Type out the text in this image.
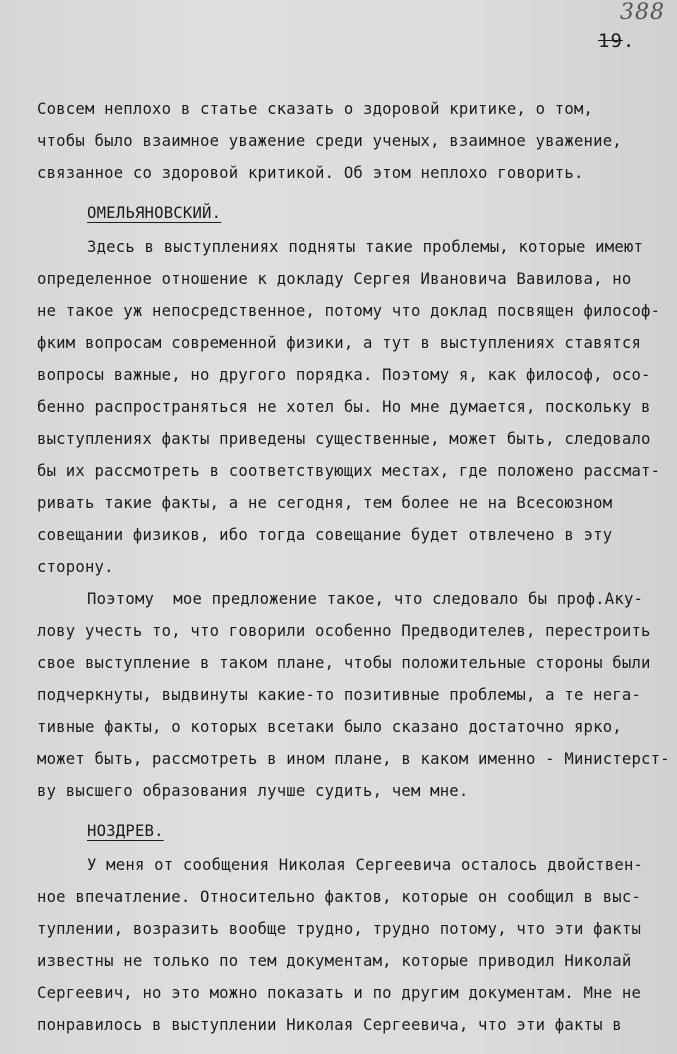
388
19.
Совсем неплохо в статье сказать о здоровой критике, о том,
чтобы было взаимное уважение среди ученых, взаимное уважение,
связанное со здоровой критикой. Об этом неплохо говорить.
ОМЕЛЬЯНОВСКИЙ.
Здесь в выступлениях подняты такие проблемы, которые имеют
определенное отношение к докладу Сергея Ивановича Вавилова, но
не такое уж непосредственное, потому что доклад посвящен философ-
фким вопросам современной физики, а тут в выступлениях ставятся
вопросы важные, но другого порядка. Поэтому я, как философ, осо-
бенно распространяться не хотел бы. Но мне думается, поскольку в
выступлениях факты приведены существенные, может быть, следовало
бы их рассмотреть в соответствующих местах, где положено рассмат-
ривать такие факты, а не сегодня, тем более не на Всесоюзном
совещании физиков, ибо тогда совещание будет отвлечено в эту
сторону.
Поэтому  мое предложение такое, что следовало бы проф.Аку-
лову учесть то, что говорили особенно Предводителев, перестроить
свое выступление в таком плане, чтобы положительные стороны были
подчеркнуты, выдвинуты какие-то позитивные проблемы, а те нега-
тивные факты, о которых всетаки было сказано достаточно ярко,
может быть, рассмотреть в ином плане, в каком именно - Министерст-
ву высшего образования лучше судить, чем мне.
НОЗДРЕВ.
У меня от сообщения Николая Сергеевича осталось двойствен-
ное впечатление. Относительно фактов, которые он сообщил в выс-
туплении, возразить вообще трудно, трудно потому, что эти факты
известны не только по тем документам, которые приводил Николай
Сергеевич, но это можно показать и по другим документам. Мне не
понравилось в выступлении Николая Сергеевича, что эти факты в
